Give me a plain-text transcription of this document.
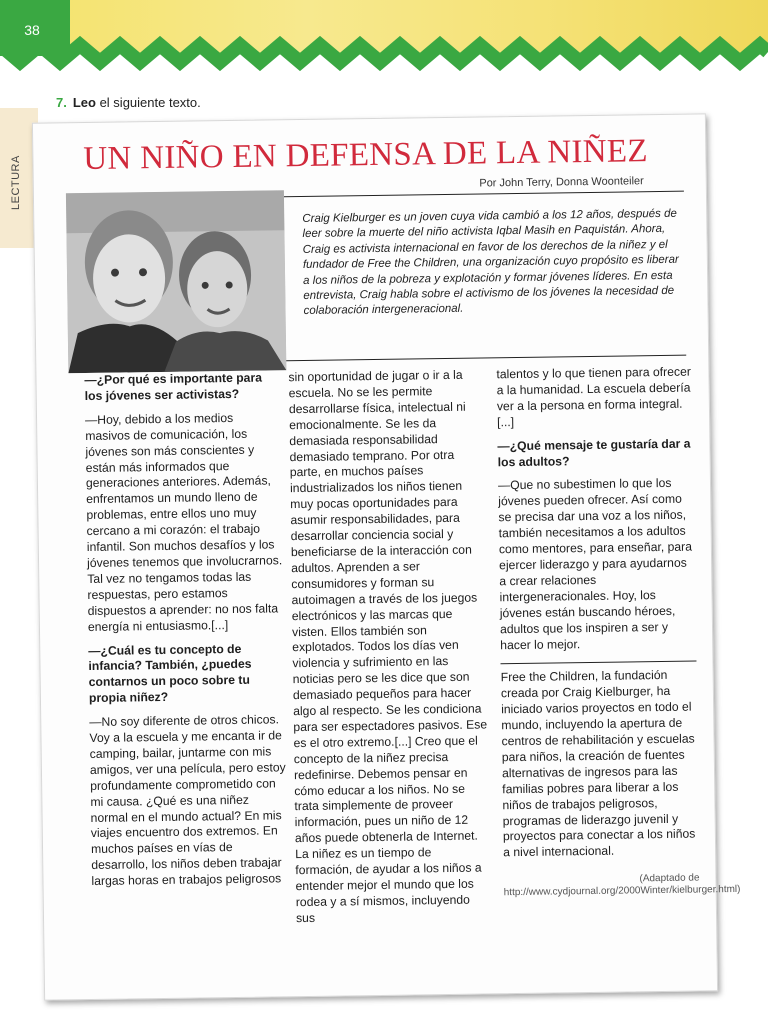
38
LECTURA
7. Leo el siguiente texto.
UN NIÑO EN DEFENSA DE LA NIÑEZ
Por John Terry, Donna Woonteiler
Craig Kielburger es un joven cuya vida cambió a los 12 años, después de leer sobre la muerte del niño activista Iqbal Masih en Paquistán. Ahora, Craig es activista internacional en favor de los derechos de la niñez y el fundador de Free the Children, una organización cuyo propósito es liberar a los niños de la pobreza y explotación y formar jóvenes líderes. En esta entrevista, Craig habla sobre el activismo de los jóvenes la necesidad de colaboración intergeneracional.

—¿Por qué es importante para los jóvenes ser activistas?

—Hoy, debido a los medios masivos de comunicación, los jóvenes son más conscientes y están más informados que generaciones anteriores. Además, enfrentamos un mundo lleno de problemas, entre ellos uno muy cercano a mi corazón: el trabajo infantil. Son muchos desafíos y los jóvenes tenemos que involucrarnos. Tal vez no tengamos todas las respuestas, pero estamos dispuestos a aprender: no nos falta energía ni entusiasmo.[...]

—¿Cuál es tu concepto de infancia? También, ¿puedes contarnos un poco sobre tu propia niñez?

—No soy diferente de otros chicos. Voy a la escuela y me encanta ir de camping, bailar, juntarme con mis amigos, ver una película, pero estoy profundamente comprometido con mi causa. ¿Qué es una niñez normal en el mundo actual? En mis viajes encuentro dos extremos. En muchos países en vías de desarrollo, los niños deben trabajar largas horas en trabajos peligrosos

sin oportunidad de jugar o ir a la escuela. No se les permite desarrollarse física, intelectual ni emocionalmente. Se les da demasiada responsabilidad demasiado temprano. Por otra parte, en muchos países industrializados los niños tienen muy pocas oportunidades para asumir responsabilidades, para desarrollar conciencia social y beneficiarse de la interacción con adultos. Aprenden a ser consumidores y forman su autoimagen a través de los juegos electrónicos y las marcas que visten. Ellos también son explotados. Todos los días ven violencia y sufrimiento en las noticias pero se les dice que son demasiado pequeños para hacer algo al respecto. Se les condiciona para ser espectadores pasivos. Ese es el otro extremo.[...] Creo que el concepto de la niñez precisa redefinirse. Debemos pensar en cómo educar a los niños. No se trata simplemente de proveer información, pues un niño de 12 años puede obtenerla de Internet. La niñez es un tiempo de formación, de ayudar a los niños a entender mejor el mundo que los rodea y a sí mismos, incluyendo sus

talentos y lo que tienen para ofrecer a la humanidad. La escuela debería ver a la persona en forma integral.[...]

—¿Qué mensaje te gustaría dar a los adultos?

—Que no subestimen lo que los jóvenes pueden ofrecer. Así como se precisa dar una voz a los niños, también necesitamos a los adultos como mentores, para enseñar, para ejercer liderazgo y para ayudarnos a crear relaciones intergeneracionales. Hoy, los jóvenes están buscando héroes, adultos que los inspiren a ser y hacer lo mejor.

Free the Children, la fundación creada por Craig Kielburger, ha iniciado varios proyectos en todo el mundo, incluyendo la apertura de centros de rehabilitación y escuelas para niños, la creación de fuentes alternativas de ingresos para las familias pobres para liberar a los niños de trabajos peligrosos, programas de liderazgo juvenil y proyectos para conectar a los niños a nivel internacional.

(Adaptado de http://www.cydjournal.org/2000Winter/kielburger.html)
